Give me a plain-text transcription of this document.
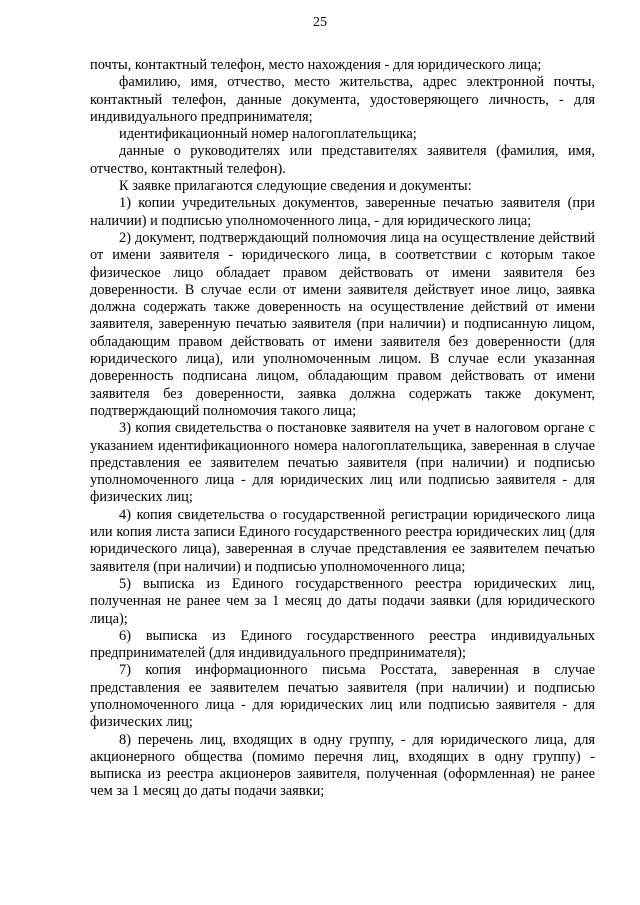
25

почты, контактный телефон, место нахождения - для юридического лица;

фамилию, имя, отчество, место жительства, адрес электронной почты, контактный телефон, данные документа, удостоверяющего личность, - для индивидуального предпринимателя;

идентификационный номер налогоплательщика;

данные о руководителях или представителях заявителя (фамилия, имя, отчество, контактный телефон).

К заявке прилагаются следующие сведения и документы:

1) копии учредительных документов, заверенные печатью заявителя (при наличии) и подписью уполномоченного лица, - для юридического лица;

2) документ, подтверждающий полномочия лица на осуществление действий от имени заявителя - юридического лица, в соответствии с которым такое физическое лицо обладает правом действовать от имени заявителя без доверенности. В случае если от имени заявителя действует иное лицо, заявка должна содержать также доверенность на осуществление действий от имени заявителя, заверенную печатью заявителя (при наличии) и подписанную лицом, обладающим правом действовать от имени заявителя без доверенности (для юридического лица), или уполномоченным лицом. В случае если указанная доверенность подписана лицом, обладающим правом действовать от имени заявителя без доверенности, заявка должна содержать также документ, подтверждающий полномочия такого лица;

3) копия свидетельства о постановке заявителя на учет в налоговом органе с указанием идентификационного номера налогоплательщика, заверенная в случае представления ее заявителем печатью заявителя (при наличии) и подписью уполномоченного лица - для юридических лиц или подписью заявителя - для физических лиц;

4) копия свидетельства о государственной регистрации юридического лица или копия листа записи Единого государственного реестра юридических лиц (для юридического лица), заверенная в случае представления ее заявителем печатью заявителя (при наличии) и подписью уполномоченного лица;

5) выписка из Единого государственного реестра юридических лиц, полученная не ранее чем за 1 месяц до даты подачи заявки (для юридического лица);

6) выписка из Единого государственного реестра индивидуальных предпринимателей (для индивидуального предпринимателя);

7) копия информационного письма Росстата, заверенная в случае представления ее заявителем печатью заявителя (при наличии) и подписью уполномоченного лица - для юридических лиц или подписью заявителя - для физических лиц;

8) перечень лиц, входящих в одну группу, - для юридического лица, для акционерного общества (помимо перечня лиц, входящих в одну группу) - выписка из реестра акционеров заявителя, полученная (оформленная) не ранее чем за 1 месяц до даты подачи заявки;
